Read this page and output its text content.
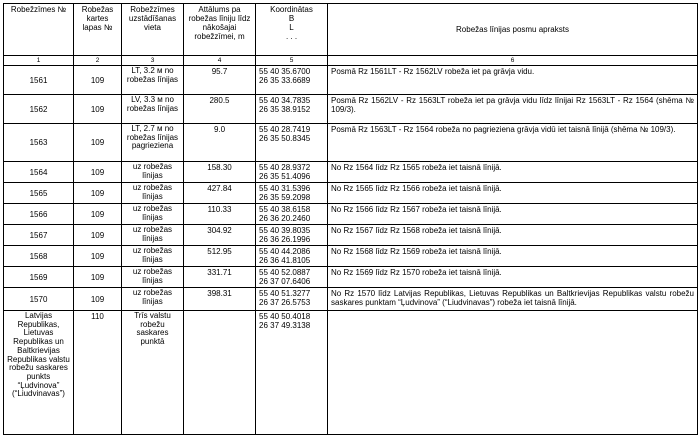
Robežzīmes №	Robežas kartes lapas №	Robežzīmes uzstādīšanas vieta	Attālums pa robežas līniju līdz nākošajai robežzīmei, m	Koordinātas
B
L
. . .	Robežas līnijas posmu apraksts
1	2	3	4	5	6
1561	109	LT, 3.2 м no robežas līnijas	95.7	55 40 35.6700
26 35 33.6689	Posmā Rz 1561LT - Rz 1562LV robeža iet pa grāvja vidu.
1562	109	LV, 3.3 м no robežas līnijas	280.5	55 40 34.7835
26 35 38.9152	Posmā Rz 1562LV - Rz 1563LT robeža iet pa grāvja vidu līdz līnijai Rz 1563LT - Rz 1564 (shēma № 109/3).
1563	109	LT, 2.7 м no robežas līnijas pagrieziena	9.0	55 40 28.7419
26 35 50.8345	Posmā Rz 1563LT - Rz 1564 robeža no pagrieziena grāvja vidū iet taisnā līnijā (shēma № 109/3).
1564	109	uz robežas līnijas	158.30	55 40 28.9372
26 35 51.4096	No Rz 1564 līdz Rz 1565 robeža iet taisnā līnijā.
1565	109	uz robežas līnijas	427.84	55 40 31.5396
26 35 59.2098	No Rz 1565 līdz Rz 1566 robeža iet taisnā līnijā.
1566	109	uz robežas līnijas	110.33	55 40 38.6158
26 36 20.2460	No Rz 1566 līdz Rz 1567 robeža iet taisnā līnijā.
1567	109	uz robežas līnijas	304.92	55 40 39.8035
26 36 26.1996	No Rz 1567 līdz Rz 1568 robeža iet taisnā līnijā.
1568	109	uz robežas līnijas	512.95	55 40 44.2086
26 36 41.8105	No Rz 1568 līdz Rz 1569 robeža iet taisnā līnijā.
1569	109	uz robežas līnijas	331.71	55 40 52.0887
26 37 07.6406	No Rz 1569 līdz Rz 1570 robeža iet taisnā līnijā.
1570	109	uz robežas līnijas	398.31	55 40 51.3277
26 37 26.5753	No Rz 1570 līdz Latvijas Republikas, Lietuvas Republikas un Baltkrievijas Republikas valstu robežu saskares punktam “Ļudvinova” (“Liudvinavas”) robeža iet taisnā līnijā.
Latvijas Republikas, Lietuvas Republikas un Baltkrievijas Republikas valstu robežu saskares punkts “Ļudvinova” (“Liudvinavas”)	110	Trīs valstu robežu saskares punktā		55 40 50.4018
26 37 49.3138	
